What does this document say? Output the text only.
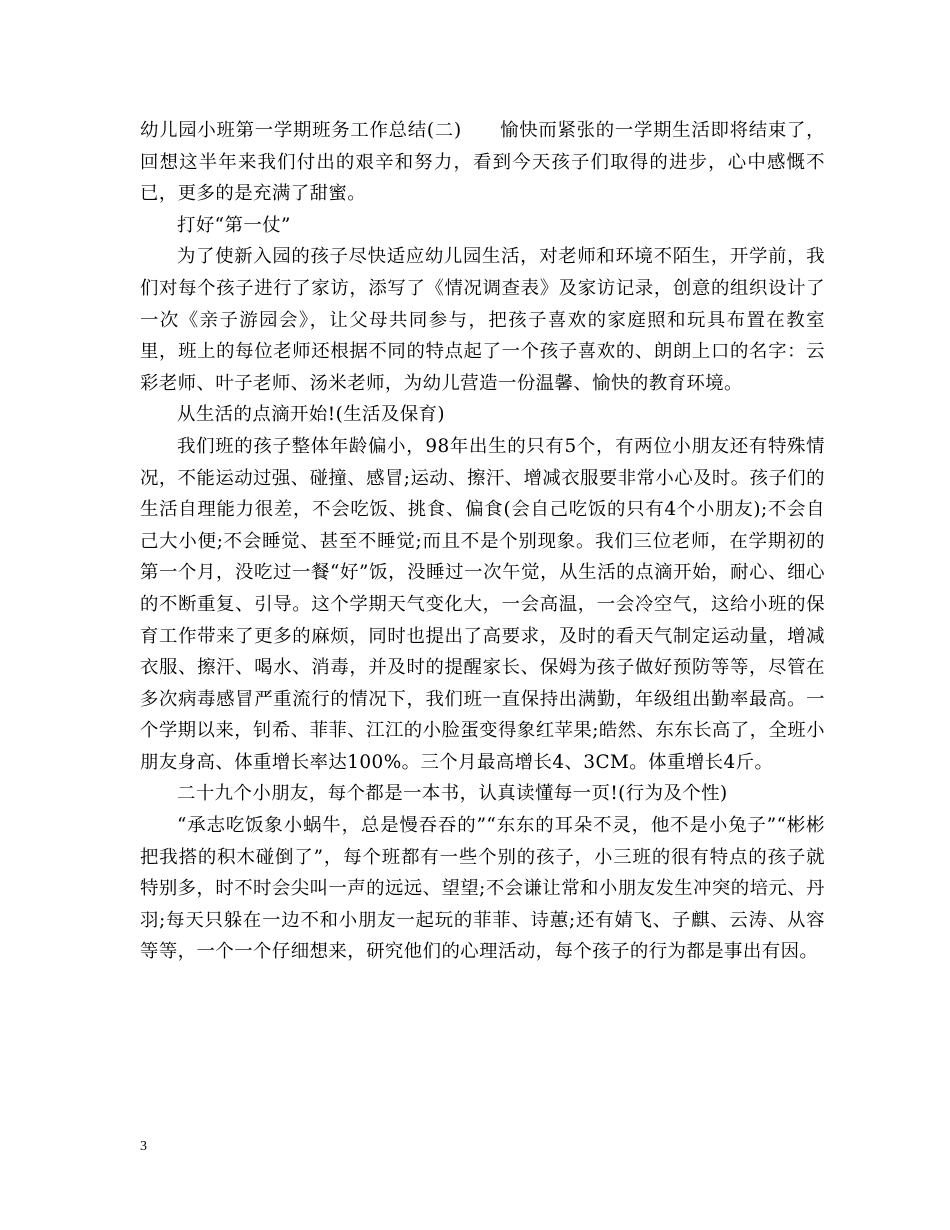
幼儿园小班第一学期班务工作总结(二)　　愉快而紧张的一学期生活即将结束了，回想这半年来我们付出的艰辛和努力，看到今天孩子们取得的进步，心中感慨不已，更多的是充满了甜蜜。

打好“第一仗”

为了使新入园的孩子尽快适应幼儿园生活，对老师和环境不陌生，开学前，我们对每个孩子进行了家访，添写了《情况调查表》及家访记录，创意的组织设计了一次《亲子游园会》，让父母共同参与，把孩子喜欢的家庭照和玩具布置在教室里，班上的每位老师还根据不同的特点起了一个孩子喜欢的、朗朗上口的名字：云彩老师、叶子老师、汤米老师，为幼儿营造一份温馨、愉快的教育环境。

从生活的点滴开始!(生活及保育)

我们班的孩子整体年龄偏小，98年出生的只有5个，有两位小朋友还有特殊情况，不能运动过强、碰撞、感冒;运动、擦汗、增减衣服要非常小心及时。孩子们的生活自理能力很差，不会吃饭、挑食、偏食(会自己吃饭的只有4个小朋友);不会自己大小便;不会睡觉、甚至不睡觉;而且不是个别现象。我们三位老师，在学期初的第一个月，没吃过一餐“好”饭，没睡过一次午觉，从生活的点滴开始，耐心、细心的不断重复、引导。这个学期天气变化大，一会高温，一会冷空气，这给小班的保育工作带来了更多的麻烦，同时也提出了高要求，及时的看天气制定运动量，增减衣服、擦汗、喝水、消毒，并及时的提醒家长、保姆为孩子做好预防等等，尽管在多次病毒感冒严重流行的情况下，我们班一直保持出满勤，年级组出勤率最高。一个学期以来，钊希、菲菲、江江的小脸蛋变得象红苹果;皓然、东东长高了，全班小朋友身高、体重增长率达100%。三个月最高增长4、3CM。体重增长4斤。

二十九个小朋友，每个都是一本书，认真读懂每一页!(行为及个性)

“承志吃饭象小蜗牛，总是慢吞吞的”“东东的耳朵不灵，他不是小兔子”“彬彬把我搭的积木碰倒了”，每个班都有一些个别的孩子，小三班的很有特点的孩子就特别多，时不时会尖叫一声的远远、望望;不会谦让常和小朋友发生冲突的培元、丹羽;每天只躲在一边不和小朋友一起玩的菲菲、诗蕙;还有婧飞、子麒、云涛、从容等等，一个一个仔细想来，研究他们的心理活动，每个孩子的行为都是事出有因。

3
